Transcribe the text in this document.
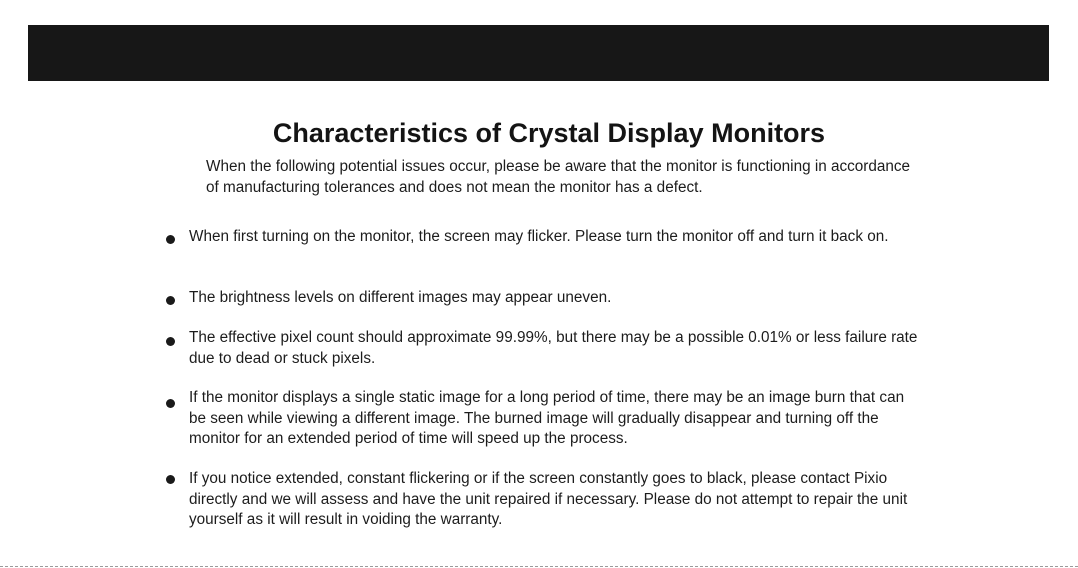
Characteristics of Crystal Display Monitors

When the following potential issues occur, please be aware that the monitor is functioning in accordance of manufacturing tolerances and does not mean the monitor has a defect.

When first turning on the monitor, the screen may flicker. Please turn the monitor off and turn it back on.

The brightness levels on different images may appear uneven.

The effective pixel count should approximate 99.99%, but there may be a possible 0.01% or less failure rate due to dead or stuck pixels.

If the monitor displays a single static image for a long period of time, there may be an image burn that can be seen while viewing a different image. The burned image will gradually disappear and turning off the monitor for an extended period of time will speed up the process.

If you notice extended, constant flickering or if the screen constantly goes to black, please contact Pixio directly and we will assess and have the unit repaired if necessary. Please do not attempt to repair the unit yourself as it will result in voiding the warranty.
